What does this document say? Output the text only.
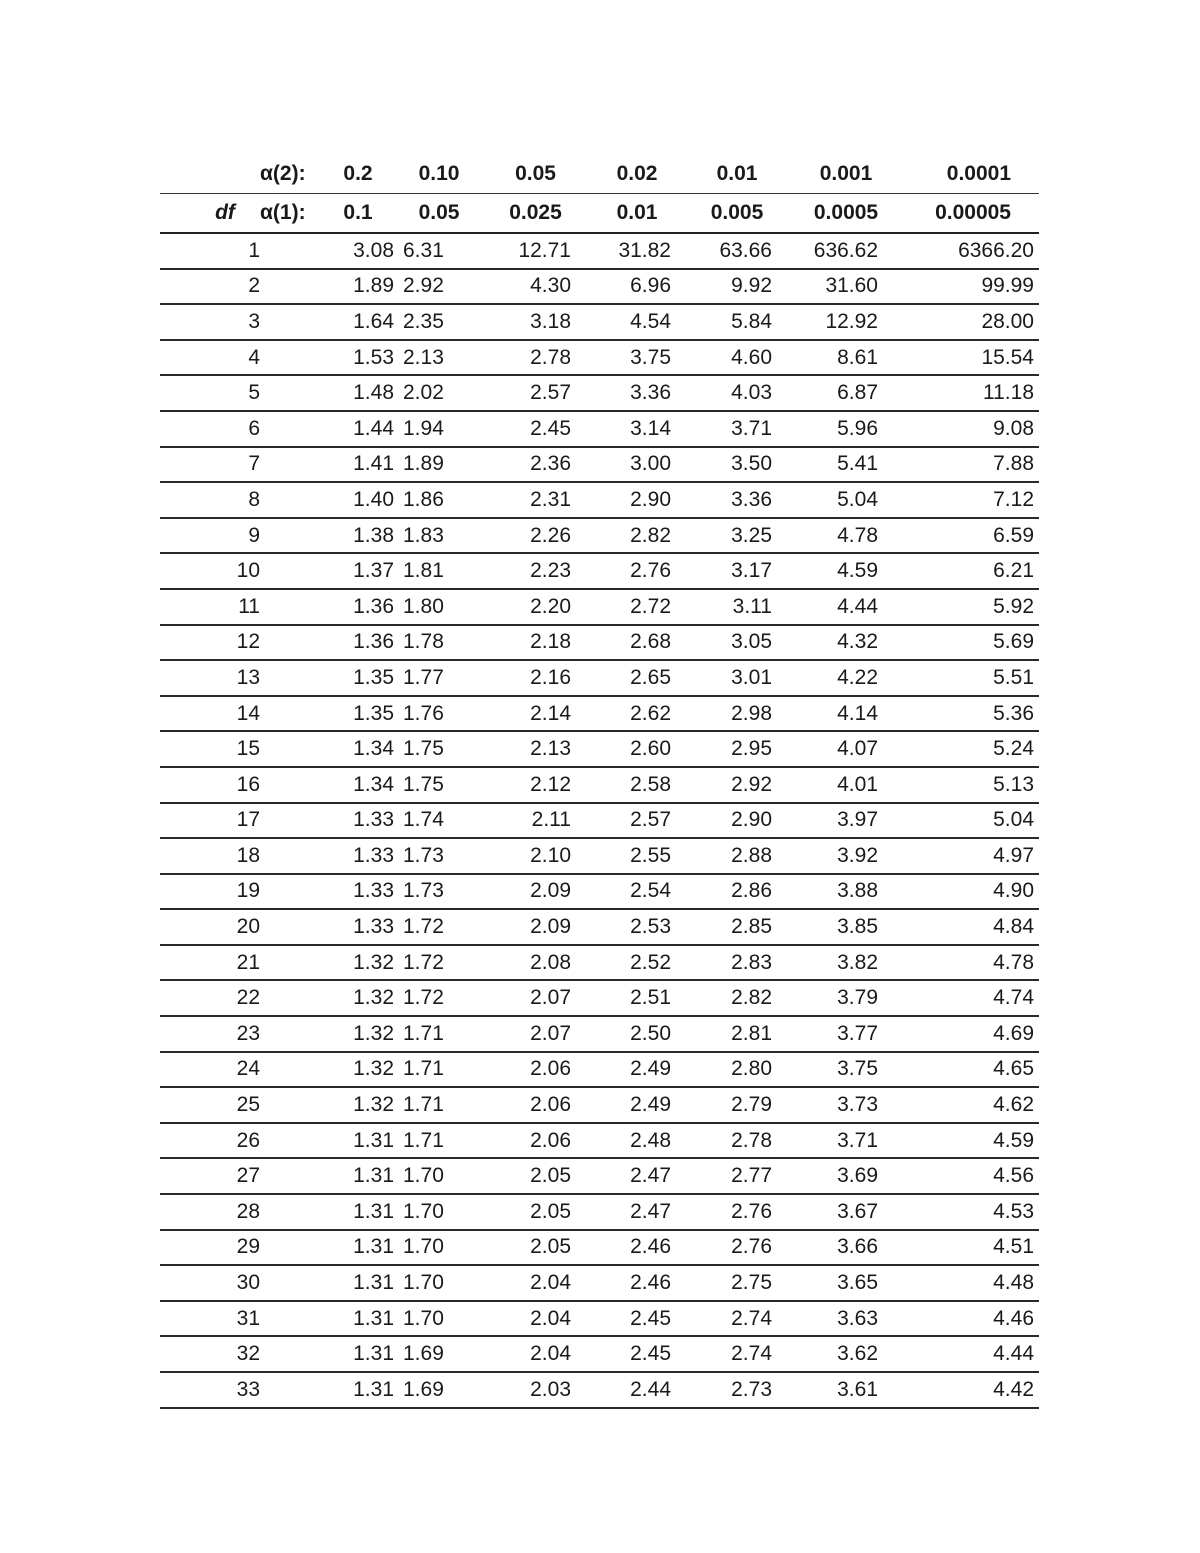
	α(2):	0.2	0.10	0.05	0.02	0.01	0.001	0.0001
df	α(1):	0.1	0.05	0.025	0.01	0.005	0.0005	0.00005
1		3.08	6.31	12.71	31.82	63.66	636.62	6366.20
2		1.89	2.92	4.30	6.96	9.92	31.60	99.99
3		1.64	2.35	3.18	4.54	5.84	12.92	28.00
4		1.53	2.13	2.78	3.75	4.60	8.61	15.54
5		1.48	2.02	2.57	3.36	4.03	6.87	11.18
6		1.44	1.94	2.45	3.14	3.71	5.96	9.08
7		1.41	1.89	2.36	3.00	3.50	5.41	7.88
8		1.40	1.86	2.31	2.90	3.36	5.04	7.12
9		1.38	1.83	2.26	2.82	3.25	4.78	6.59
10		1.37	1.81	2.23	2.76	3.17	4.59	6.21
11		1.36	1.80	2.20	2.72	3.11	4.44	5.92
12		1.36	1.78	2.18	2.68	3.05	4.32	5.69
13		1.35	1.77	2.16	2.65	3.01	4.22	5.51
14		1.35	1.76	2.14	2.62	2.98	4.14	5.36
15		1.34	1.75	2.13	2.60	2.95	4.07	5.24
16		1.34	1.75	2.12	2.58	2.92	4.01	5.13
17		1.33	1.74	2.11	2.57	2.90	3.97	5.04
18		1.33	1.73	2.10	2.55	2.88	3.92	4.97
19		1.33	1.73	2.09	2.54	2.86	3.88	4.90
20		1.33	1.72	2.09	2.53	2.85	3.85	4.84
21		1.32	1.72	2.08	2.52	2.83	3.82	4.78
22		1.32	1.72	2.07	2.51	2.82	3.79	4.74
23		1.32	1.71	2.07	2.50	2.81	3.77	4.69
24		1.32	1.71	2.06	2.49	2.80	3.75	4.65
25		1.32	1.71	2.06	2.49	2.79	3.73	4.62
26		1.31	1.71	2.06	2.48	2.78	3.71	4.59
27		1.31	1.70	2.05	2.47	2.77	3.69	4.56
28		1.31	1.70	2.05	2.47	2.76	3.67	4.53
29		1.31	1.70	2.05	2.46	2.76	3.66	4.51
30		1.31	1.70	2.04	2.46	2.75	3.65	4.48
31		1.31	1.70	2.04	2.45	2.74	3.63	4.46
32		1.31	1.69	2.04	2.45	2.74	3.62	4.44
33		1.31	1.69	2.03	2.44	2.73	3.61	4.42
